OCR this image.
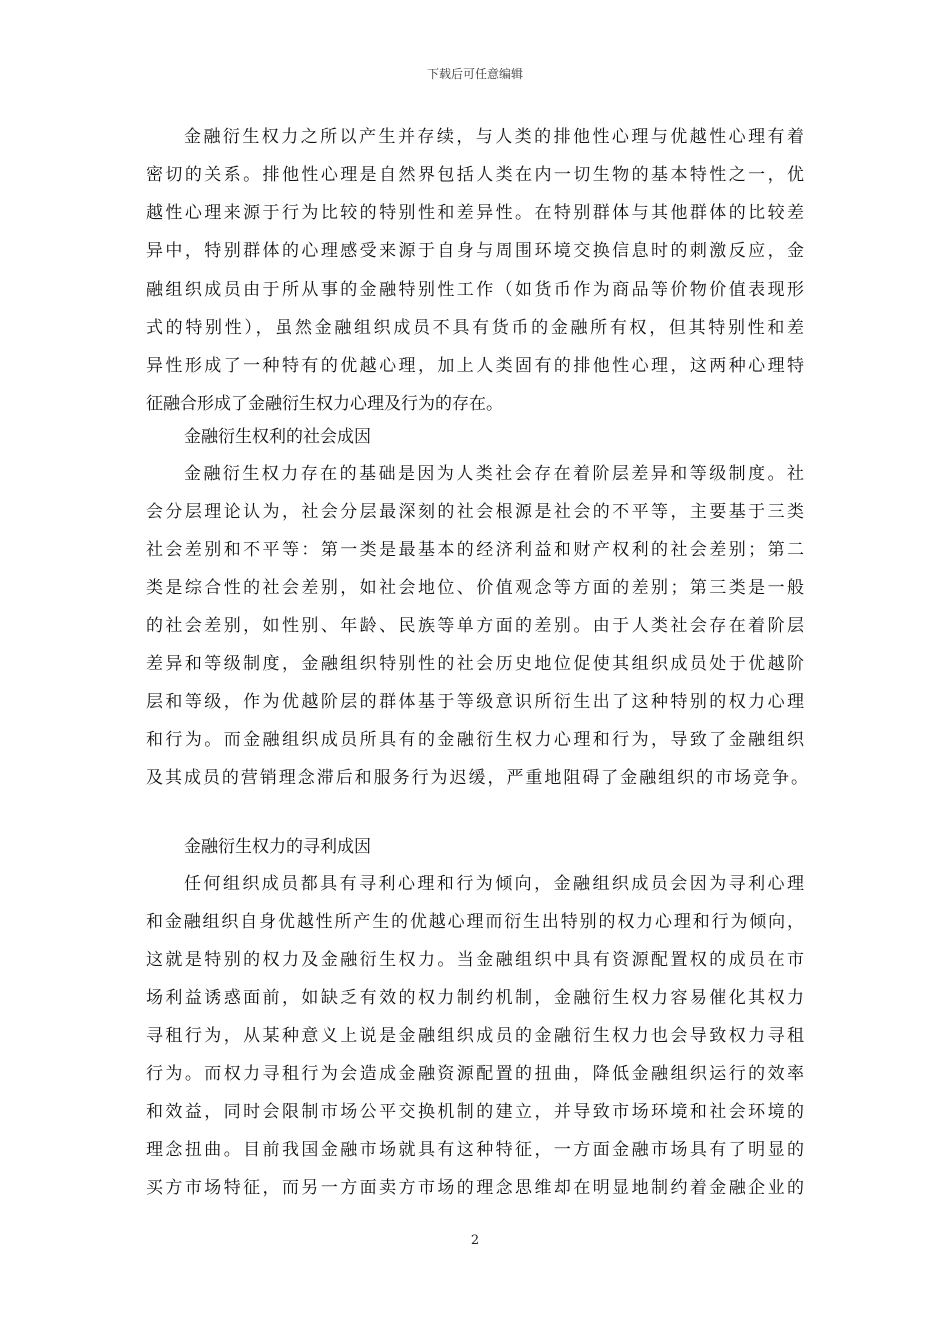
下载后可任意编辑
金融衍生权力之所以产生并存续，与人类的排他性心理与优越性心理有着
密切的关系。排他性心理是自然界包括人类在内一切生物的基本特性之一，优
越性心理来源于行为比较的特别性和差异性。在特别群体与其他群体的比较差
异中，特别群体的心理感受来源于自身与周围环境交换信息时的刺激反应，金
融组织成员由于所从事的金融特别性工作（如货币作为商品等价物价值表现形
式的特别性），虽然金融组织成员不具有货币的金融所有权，但其特别性和差
异性形成了一种特有的优越心理，加上人类固有的排他性心理，这两种心理特
征融合形成了金融衍生权力心理及行为的存在。
金融衍生权利的社会成因
金融衍生权力存在的基础是因为人类社会存在着阶层差异和等级制度。社
会分层理论认为，社会分层最深刻的社会根源是社会的不平等，主要基于三类
社会差别和不平等：第一类是最基本的经济利益和财产权利的社会差别；第二
类是综合性的社会差别，如社会地位、价值观念等方面的差别；第三类是一般
的社会差别，如性别、年龄、民族等单方面的差别。由于人类社会存在着阶层
差异和等级制度，金融组织特别性的社会历史地位促使其组织成员处于优越阶
层和等级，作为优越阶层的群体基于等级意识所衍生出了这种特别的权力心理
和行为。而金融组织成员所具有的金融衍生权力心理和行为，导致了金融组织
及其成员的营销理念滞后和服务行为迟缓，严重地阻碍了金融组织的市场竞争。
金融衍生权力的寻利成因
任何组织成员都具有寻利心理和行为倾向，金融组织成员会因为寻利心理
和金融组织自身优越性所产生的优越心理而衍生出特别的权力心理和行为倾向，
这就是特别的权力及金融衍生权力。当金融组织中具有资源配置权的成员在市
场利益诱惑面前，如缺乏有效的权力制约机制，金融衍生权力容易催化其权力
寻租行为，从某种意义上说是金融组织成员的金融衍生权力也会导致权力寻租
行为。而权力寻租行为会造成金融资源配置的扭曲，降低金融组织运行的效率
和效益，同时会限制市场公平交换机制的建立，并导致市场环境和社会环境的
理念扭曲。目前我国金融市场就具有这种特征，一方面金融市场具有了明显的
买方市场特征，而另一方面卖方市场的理念思维却在明显地制约着金融企业的
2
